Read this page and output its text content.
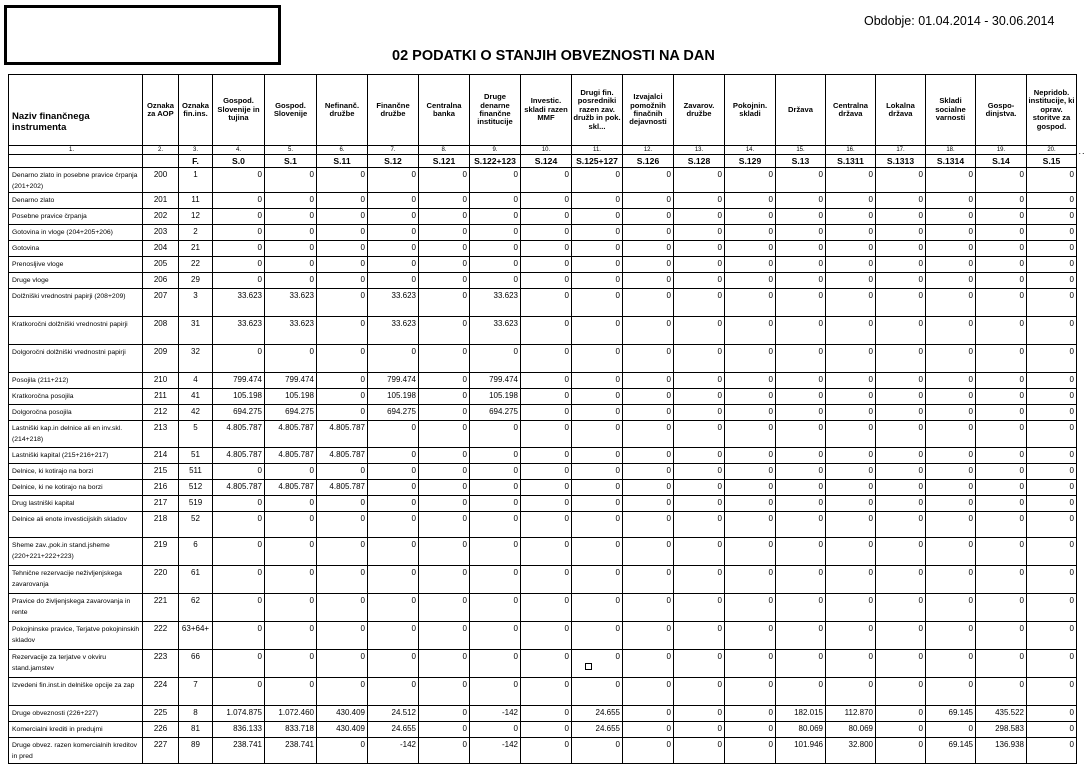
Obdobje: 01.04.2014 - 30.06.2014
02 PODATKI O STANJIH OBVEZNOSTI NA DAN
...
Naziv finančnega instrumenta	Oznaka za AOP	Oznaka fin.ins.	Gospod. Slovenije in tujina	Gospod. Slovenije	Nefinanč. družbe	Finančne družbe	Centralna banka	Druge denarne finančne institucije	Investic. skladi razen MMF	Drugi fin. posredniki razen zav. družb in pok. skl...	Izvajalci pomožnih finačnih dejavnosti	Zavarov. družbe	Pokojnin. skladi	Država	Centralna država	Lokalna država	Skladi socialne varnosti	Gospo-dinjstva.	Nepridob. institucije, ki oprav. storitve za gospod.
1.	2.	3.	4.	5.	6.	7.	8.	9.	10.	11.	12.	13.	14.	15.	16.	17.	18.	19.	20.
		F.	S.0	S.1	S.11	S.12	S.121	S.122+123	S.124	S.125+127	S.126	S.128	S.129	S.13	S.1311	S.1313	S.1314	S.14	S.15
Denarno zlato in posebne pravice črpanja (201+202)	200	1	0	0	0	0	0	0	0	0	0	0	0	0	0	0	0	0	0
Denarno zlato	201	11	0	0	0	0	0	0	0	0	0	0	0	0	0	0	0	0	0
Posebne pravice črpanja	202	12	0	0	0	0	0	0	0	0	0	0	0	0	0	0	0	0	0
Gotovina in vloge (204+205+206)	203	2	0	0	0	0	0	0	0	0	0	0	0	0	0	0	0	0	0
Gotovina	204	21	0	0	0	0	0	0	0	0	0	0	0	0	0	0	0	0	0
Prenosljive vloge	205	22	0	0	0	0	0	0	0	0	0	0	0	0	0	0	0	0	0
Druge vloge	206	29	0	0	0	0	0	0	0	0	0	0	0	0	0	0	0	0	0
Dolžniški vrednostni papirji (208+209)	207	3	33.623	33.623	0	33.623	0	33.623	0	0	0	0	0	0	0	0	0	0	0
Kratkoročni dolžniški vrednostni papirji	208	31	33.623	33.623	0	33.623	0	33.623	0	0	0	0	0	0	0	0	0	0	0
Dolgoročni dolžniški vrednostni papirji	209	32	0	0	0	0	0	0	0	0	0	0	0	0	0	0	0	0	0
Posojila (211+212)	210	4	799.474	799.474	0	799.474	0	799.474	0	0	0	0	0	0	0	0	0	0	0
Kratkoročna posojila	211	41	105.198	105.198	0	105.198	0	105.198	0	0	0	0	0	0	0	0	0	0	0
Dolgoročna posojila	212	42	694.275	694.275	0	694.275	0	694.275	0	0	0	0	0	0	0	0	0	0	0
Lastniški kap.in delnice ali en inv.skl.(214+218)	213	5	4.805.787	4.805.787	4.805.787	0	0	0	0	0	0	0	0	0	0	0	0	0	0
Lastniški kapital (215+216+217)	214	51	4.805.787	4.805.787	4.805.787	0	0	0	0	0	0	0	0	0	0	0	0	0	0
Delnice, ki kotirajo na borzi	215	511	0	0	0	0	0	0	0	0	0	0	0	0	0	0	0	0	0
Delnice, ki ne kotirajo na borzi	216	512	4.805.787	4.805.787	4.805.787	0	0	0	0	0	0	0	0	0	0	0	0	0	0
Drug lastniški kapital	217	519	0	0	0	0	0	0	0	0	0	0	0	0	0	0	0	0	0
Delnice ali enote investicijskih skladov	218	52	0	0	0	0	0	0	0	0	0	0	0	0	0	0	0	0	0
Sheme zav.,pok.in stand.jsheme (220+221+222+223)	219	6	0	0	0	0	0	0	0	0	0	0	0	0	0	0	0	0	0
Tehnične rezervacije neživljenjskega zavarovanja	220	61	0	0	0	0	0	0	0	0	0	0	0	0	0	0	0	0	0
Pravice do življenjskega zavarovanja in rente	221	62	0	0	0	0	0	0	0	0	0	0	0	0	0	0	0	0	0
Pokojninske pravice, Terjatve pokojninskih skladov	222	63+64+	0	0	0	0	0	0	0	0	0	0	0	0	0	0	0	0	0
Rezervacije za terjatve v okviru stand.jamstev	223	66	0	0	0	0	0	0	0	0	0	0	0	0	0	0	0	0	0
Izvedeni fin.inst.in delniške opcije za zap	224	7	0	0	0	0	0	0	0	0	0	0	0	0	0	0	0	0	0
Druge obveznosti (226+227)	225	8	1.074.875	1.072.460	430.409	24.512	0	-142	0	24.655	0	0	0	182.015	112.870	0	69.145	435.522	0
Komercialni krediti in predujmi	226	81	836.133	833.718	430.409	24.655	0	0	0	24.655	0	0	0	80.069	80.069	0	0	298.583	0
Druge obvez. razen komercialnih kreditov in pred	227	89	238.741	238.741	0	-142	0	-142	0	0	0	0	0	101.946	32.800	0	69.145	136.938	0
